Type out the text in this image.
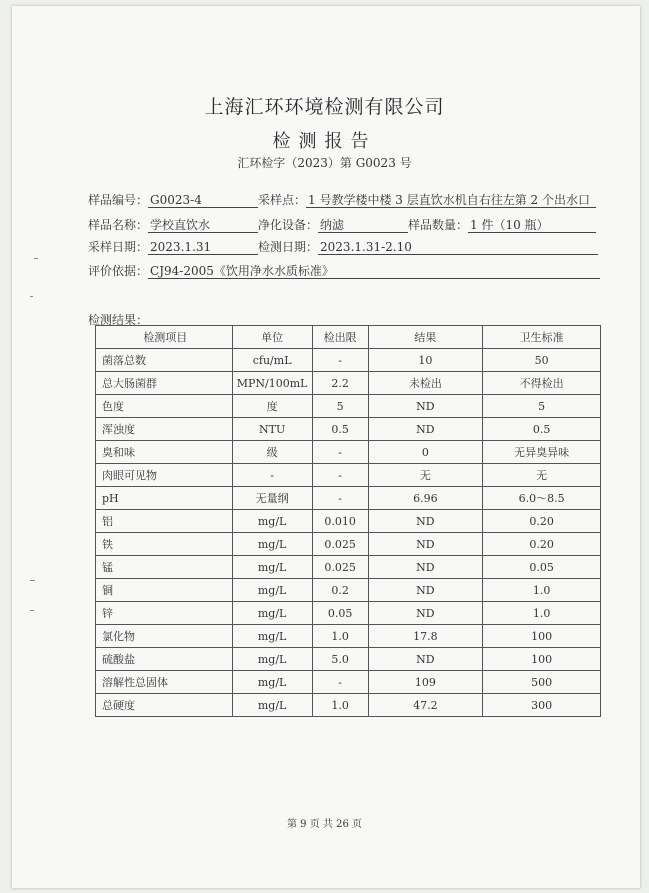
上海汇环环境检测有限公司
检测报告
汇环检字（2023）第 G0023 号
样品编号： G0023-4	采样点： 1 号教学楼中楼 3 层直饮水机自右往左第 2 个出水口
样品名称： 学校直饮水	净化设备： 纳滤	样品数量： 1 件（10 瓶）
采样日期： 2023.1.31	检测日期： 2023.1.31-2.10
评价依据： CJ94-2005《饮用净水水质标准》
检测结果：
检测项目	单位	检出限	结果	卫生标准
菌落总数	cfu/mL	-	10	50
总大肠菌群	MPN/100mL	2.2	未检出	不得检出
色度	度	5	ND	5
浑浊度	NTU	0.5	ND	0.5
臭和味	级	-	0	无异臭异味
肉眼可见物	-	-	无	无
pH	无量纲	-	6.96	6.0～8.5
铝	mg/L	0.010	ND	0.20
铁	mg/L	0.025	ND	0.20
锰	mg/L	0.025	ND	0.05
铜	mg/L	0.2	ND	1.0
锌	mg/L	0.05	ND	1.0
氯化物	mg/L	1.0	17.8	100
硫酸盐	mg/L	5.0	ND	100
溶解性总固体	mg/L	-	109	500
总硬度	mg/L	1.0	47.2	300
第 9 页 共 26 页
